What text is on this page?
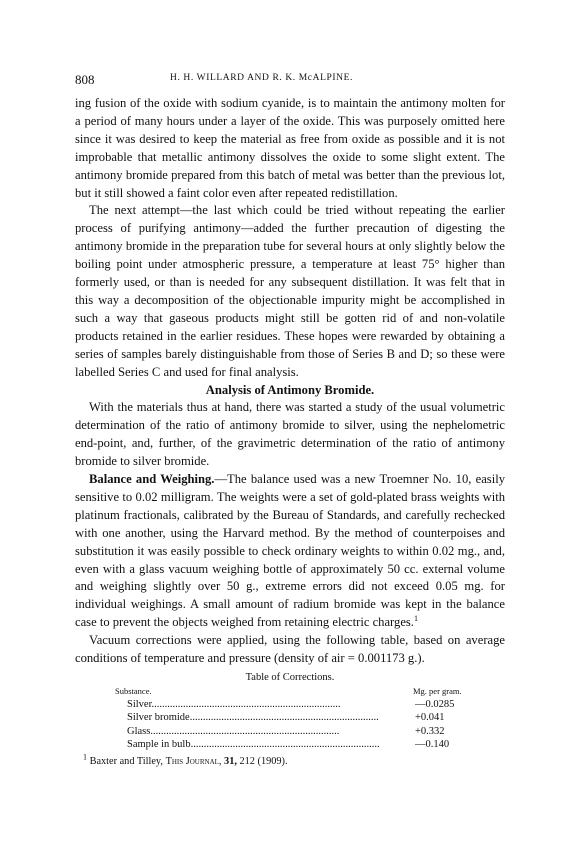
808	H. H. WILLARD AND R. K. McALPINE.

ing fusion of the oxide with sodium cyanide, is to maintain the antimony molten for a period of many hours under a layer of the oxide. This was purposely omitted here since it was desired to keep the material as free from oxide as possible and it is not improbable that metallic antimony dissolves the oxide to some slight extent. The antimony bromide prepared from this batch of metal was better than the previous lot, but it still showed a faint color even after repeated redistillation.

The next attempt—the last which could be tried without repeating the earlier process of purifying antimony—added the further precaution of digesting the antimony bromide in the preparation tube for several hours at only slightly below the boiling point under atmospheric pressure, a temperature at least 75° higher than formerly used, or than is needed for any subsequent distillation. It was felt that in this way a decomposition of the objectionable impurity might be accomplished in such a way that gaseous products might still be gotten rid of and non-volatile products retained in the earlier residues. These hopes were rewarded by obtaining a series of samples barely distinguishable from those of Series B and D; so these were labelled Series C and used for final analysis.

Analysis of Antimony Bromide.

With the materials thus at hand, there was started a study of the usual volumetric determination of the ratio of antimony bromide to silver, using the nephelometric end-point, and, further, of the gravimetric determination of the ratio of antimony bromide to silver bromide.

Balance and Weighing.—The balance used was a new Troemner No. 10, easily sensitive to 0.02 milligram. The weights were a set of gold-plated brass weights with platinum fractionals, calibrated by the Bureau of Standards, and carefully rechecked with one another, using the Harvard method. By the method of counterpoises and substitution it was easily possible to check ordinary weights to within 0.02 mg., and, even with a glass vacuum weighing bottle of approximately 50 cc. external volume and weighing slightly over 50 g., extreme errors did not exceed 0.05 mg. for individual weighings. A small amount of radium bromide was kept in the balance case to prevent the objects weighed from retaining electric charges.$^1$

Vacuum corrections were applied, using the following table, based on average conditions of temperature and pressure (density of air = 0.001173 g.).

Table of Corrections.
Substance.	Mg. per gram.
Silver........................................................................	—0.0285
Silver bromide........................................................................	+0.041
Glass........................................................................	+0.332
Sample in bulb........................................................................	—0.140
$^1$ Baxter and Tilley, This Journal, 31, 212 (1909).
